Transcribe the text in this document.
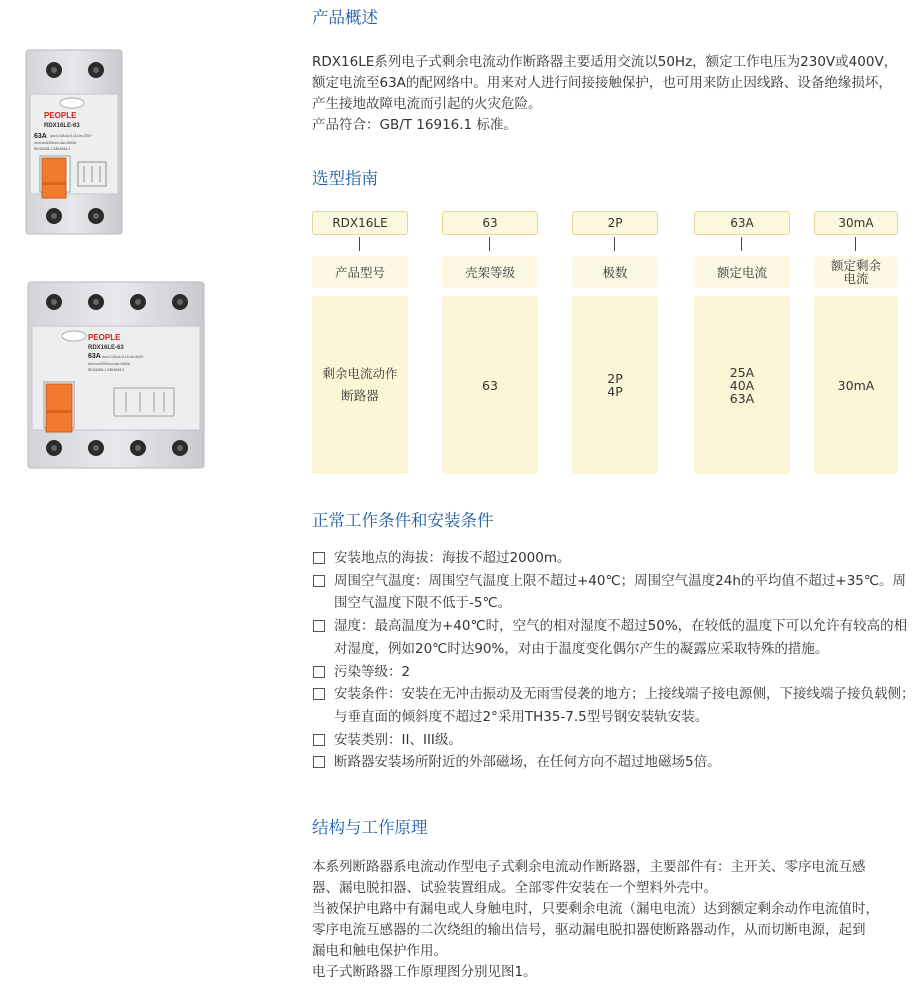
PEOPLE
RDX16LE-63
63A I∆n=0.03A I∆=0.1A Ue=230V~
Im=Icm=630A Inc=I∆c=6000A
IEC61008-1 GB16916.1
PEOPLE
RDX16LE-63
63A I∆n=0.03A I∆=0.1A Ue=400V~
Im=Icm=630A Inc=I∆c=6000A
IEC61008-1 GB16916.1
产品概述

RDX16LE系列电子式剩余电流动作断路器主要适用交流以50Hz，额定工作电压为230V或400V，

额定电流至63A的配网络中。用来对人进行间接接触保护，也可用来防止因线路、设备绝缘损坏，

产生接地故障电流而引起的火灾危险。

产品符合：GB/T 16916.1 标准。

选型指南
RDX16LE
产品型号
剩余电流动作
断路器
63
壳架等级
63
2P
极数
2P
4P
63A
额定电流
25A
40A
63A
30mA
额定剩余
电流
30mA
正常工作条件和安装条件
安装地点的海拔：海拔不超过2000m。
周围空气温度：周围空气温度上限不超过+40℃；周围空气温度24h的平均值不超过+35℃。周围空气温度下限不低于-5℃。
湿度：最高温度为+40℃时，空气的相对湿度不超过50%，在较低的温度下可以允许有较高的相对湿度，例如20℃时达90%，对由于温度变化偶尔产生的凝露应采取特殊的措施。
污染等级：2
安装条件：安装在无冲击振动及无雨雪侵袭的地方；上接线端子接电源侧，下接线端子接负载侧；与垂直面的倾斜度不超过2°采用TH35-7.5型号钢安装轨安装。
安装类别：II、III级。
断路器安装场所附近的外部磁场，在任何方向不超过地磁场5倍。
结构与工作原理

本系列断路器系电流动作型电子式剩余电流动作断路器，主要部件有：主开关、零序电流互感

器、漏电脱扣器、试验装置组成。全部零件安装在一个塑料外壳中。

当被保护电路中有漏电或人身触电时，只要剩余电流（漏电电流）达到额定剩余动作电流值时，

零序电流互感器的二次绕组的输出信号，驱动漏电脱扣器使断路器动作，从而切断电源，起到

漏电和触电保护作用。

电子式断路器工作原理图分别见图1。
